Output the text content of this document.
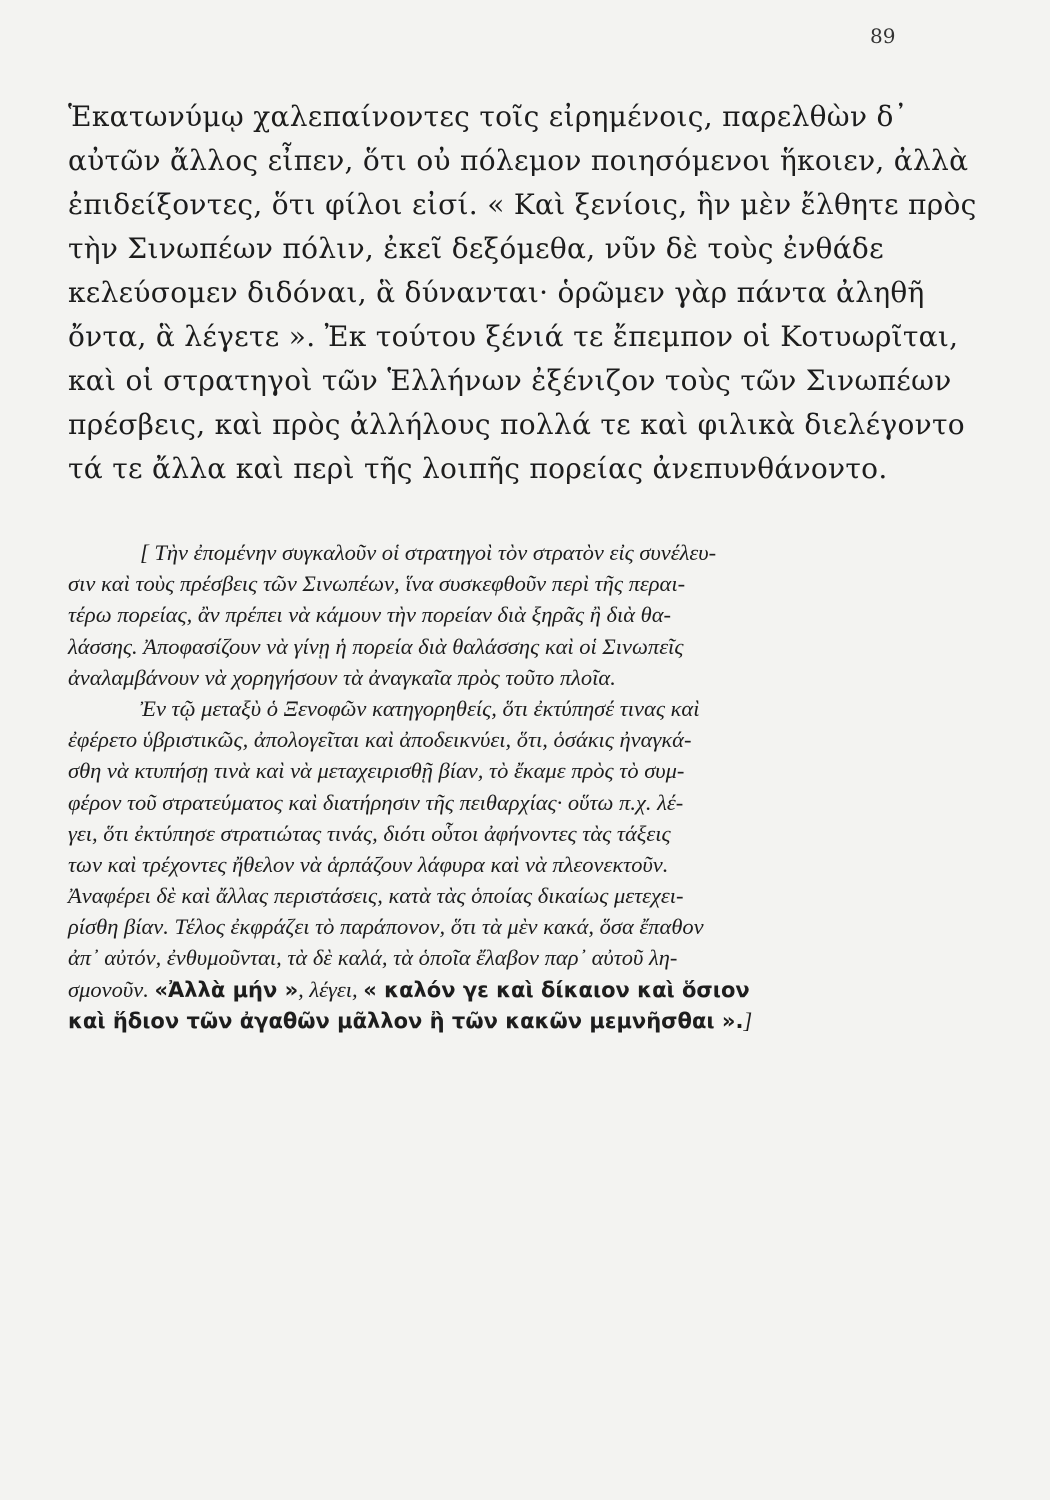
89
Ἑκατωνύμῳ χαλεπαίνοντες τοῖς εἰρημένοις, παρελθὼν δ᾽
αὐτῶν ἄλλος εἶπεν, ὅτι οὐ πόλεμον ποιησόμενοι ἥκοιεν, ἀλλὰ
ἐπιδείξοντες, ὅτι φίλοι εἰσί. « Καὶ ξενίοις, ἣν μὲν ἔλθητε πρὸς
τὴν Σινωπέων πόλιν, ἐκεῖ δεξόμεθα, νῦν δὲ τοὺς ἐνθάδε
κελεύσομεν διδόναι, ἃ δύνανται· ὁρῶμεν γὰρ πάντα ἀληθῆ
ὄντα, ἃ λέγετε ». Ἐκ τούτου ξένιά τε ἔπεμπον οἱ Κοτυωρῖται,
καὶ οἱ στρατηγοὶ τῶν Ἑλλήνων ἐξένιζον τοὺς τῶν Σινωπέων
πρέσβεις, καὶ πρὸς ἀλλήλους πολλά τε καὶ φιλικὰ διελέγοντο
τά τε ἄλλα καὶ περὶ τῆς λοιπῆς πορείας ἀνεπυνθάνοντο.
[ Τὴν ἐπομένην συγκαλοῦν οἱ στρατηγοὶ τὸν στρατὸν εἰς συνέλευ-
σιν καὶ τοὺς πρέσβεις τῶν Σινωπέων, ἵνα συσκεφθοῦν περὶ τῆς περαι-
τέρω πορείας, ἂν πρέπει νὰ κάμουν τὴν πορείαν διὰ ξηρᾶς ἢ διὰ θα-
λάσσης. Ἀποφασίζουν νὰ γίνῃ ἡ πορεία διὰ θαλάσσης καὶ οἱ Σινωπεῖς
ἀναλαμβάνουν νὰ χορηγήσουν τὰ ἀναγκαῖα πρὸς τοῦτο πλοῖα.
Ἐν τῷ μεταξὺ ὁ Ξενοφῶν κατηγορηθείς, ὅτι ἐκτύπησέ τινας καὶ
ἐφέρετο ὑβριστικῶς, ἀπολογεῖται καὶ ἀποδεικνύει, ὅτι, ὁσάκις ἠναγκά-
σθη νὰ κτυπήσῃ τινὰ καὶ νὰ μεταχειρισθῇ βίαν, τὸ ἔκαμε πρὸς τὸ συμ-
φέρον τοῦ στρατεύματος καὶ διατήρησιν τῆς πειθαρχίας· οὕτω π.χ. λέ-
γει, ὅτι ἐκτύπησε στρατιώτας τινάς, διότι οὗτοι ἀφήνοντες τὰς τάξεις
των καὶ τρέχοντες ἤθελον νὰ ἁρπάζουν λάφυρα καὶ νὰ πλεονεκτοῦν.
Ἀναφέρει δὲ καὶ ἄλλας περιστάσεις, κατὰ τὰς ὁποίας δικαίως μετεχει-
ρίσθη βίαν. Τέλος ἐκφράζει τὸ παράπονον, ὅτι τὰ μὲν κακά, ὅσα ἔπαθον
ἀπ᾽ αὐτόν, ἐνθυμοῦνται, τὰ δὲ καλά, τὰ ὁποῖα ἔλαβον παρ᾽ αὐτοῦ λη-
σμονοῦν. «Ἀλλὰ μήν », λέγει, « καλόν γε καὶ δίκαιον καὶ ὅσιον
καὶ ἥδιον τῶν ἀγαθῶν μᾶλλον ἢ τῶν κακῶν μεμνῆσθαι ».]
